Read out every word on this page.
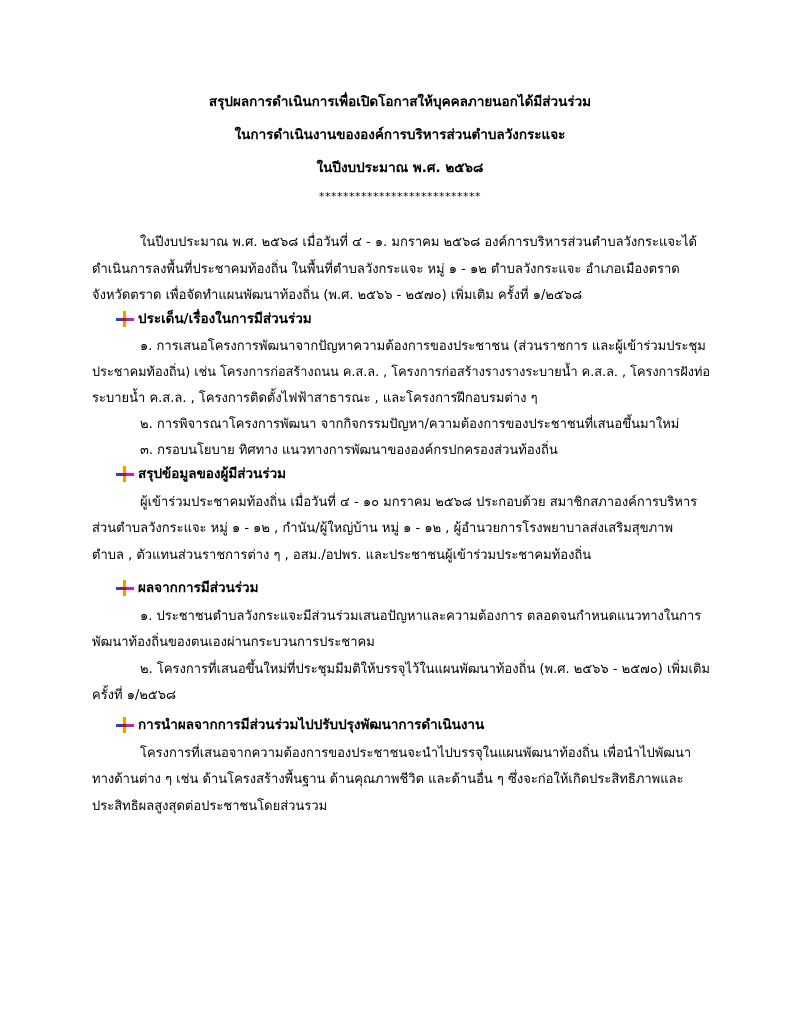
สรุปผลการดำเนินการเพื่อเปิดโอกาสให้บุคคลภายนอกได้มีส่วนร่วม
ในการดำเนินงานขององค์การบริหารส่วนตำบลวังกระแจะ
ในปีงบประมาณ พ.ศ. ๒๕๖๘
***************************
ในปีงบประมาณ พ.ศ. ๒๕๖๘ เมื่อวันที่ ๔ - ๑. มกราคม ๒๕๖๘ องค์การบริหารส่วนตำบลวังกระแจะได้
ดำเนินการลงพื้นที่ประชาคมท้องถิ่น ในพื้นที่ตำบลวังกระแจะ หมู่ ๑ - ๑๒ ตำบลวังกระแจะ อำเภอเมืองตราด
จังหวัดตราด เพื่อจัดทำแผนพัฒนาท้องถิ่น (พ.ศ. ๒๕๖๖ - ๒๕๗๐) เพิ่มเติม ครั้งที่ ๑/๒๕๖๘
ประเด็น/เรื่องในการมีส่วนร่วม
๑. การเสนอโครงการพัฒนาจากปัญหาความต้องการของประชาชน (ส่วนราชการ และผู้เข้าร่วมประชุม
ประชาคมท้องถิ่น) เช่น โครงการก่อสร้างถนน ค.ส.ล. , โครงการก่อสร้างรางรางระบายน้ำ ค.ส.ล. , โครงการฝังท่อ
ระบายน้ำ ค.ส.ล. , โครงการติดตั้งไฟฟ้าสาธารณะ , และโครงการฝึกอบรมต่าง ๆ
๒. การพิจารณาโครงการพัฒนา จากกิจกรรมปัญหา/ความต้องการของประชาชนที่เสนอขึ้นมาใหม่
๓. กรอบนโยบาย ทิศทาง แนวทางการพัฒนาขององค์กรปกครองส่วนท้องถิ่น
สรุปข้อมูลของผู้มีส่วนร่วม
ผู้เข้าร่วมประชาคมท้องถิ่น เมื่อวันที่ ๔ - ๑๐ มกราคม ๒๕๖๘ ประกอบด้วย สมาชิกสภาองค์การบริหาร
ส่วนตำบลวังกระแจะ หมู่ ๑ - ๑๒ , กำนัน/ผู้ใหญ่บ้าน หมู่ ๑ - ๑๒ , ผู้อำนวยการโรงพยาบาลส่งเสริมสุขภาพ
ตำบล , ตัวแทนส่วนราชการต่าง ๆ , อสม./อปพร. และประชาชนผู้เข้าร่วมประชาคมท้องถิ่น
ผลจากการมีส่วนร่วม
๑. ประชาชนตำบลวังกระแจะมีส่วนร่วมเสนอปัญหาและความต้องการ ตลอดจนกำหนดแนวทางในการ
พัฒนาท้องถิ่นของตนเองผ่านกระบวนการประชาคม
๒. โครงการที่เสนอขึ้นใหม่ที่ประชุมมีมติให้บรรจุไว้ในแผนพัฒนาท้องถิ่น (พ.ศ. ๒๕๖๖ - ๒๕๗๐) เพิ่มเติม
ครั้งที่ ๑/๒๕๖๘
การนำผลจากการมีส่วนร่วมไปปรับปรุงพัฒนาการดำเนินงาน
โครงการที่เสนอจากความต้องการของประชาชนจะนำไปบรรจุในแผนพัฒนาท้องถิ่น เพื่อนำไปพัฒนา
ทางด้านต่าง ๆ เช่น ด้านโครงสร้างพื้นฐาน ด้านคุณภาพชีวิต และด้านอื่น ๆ ซึ่งจะก่อให้เกิดประสิทธิภาพและ
ประสิทธิผลสูงสุดต่อประชาชนโดยส่วนรวม
